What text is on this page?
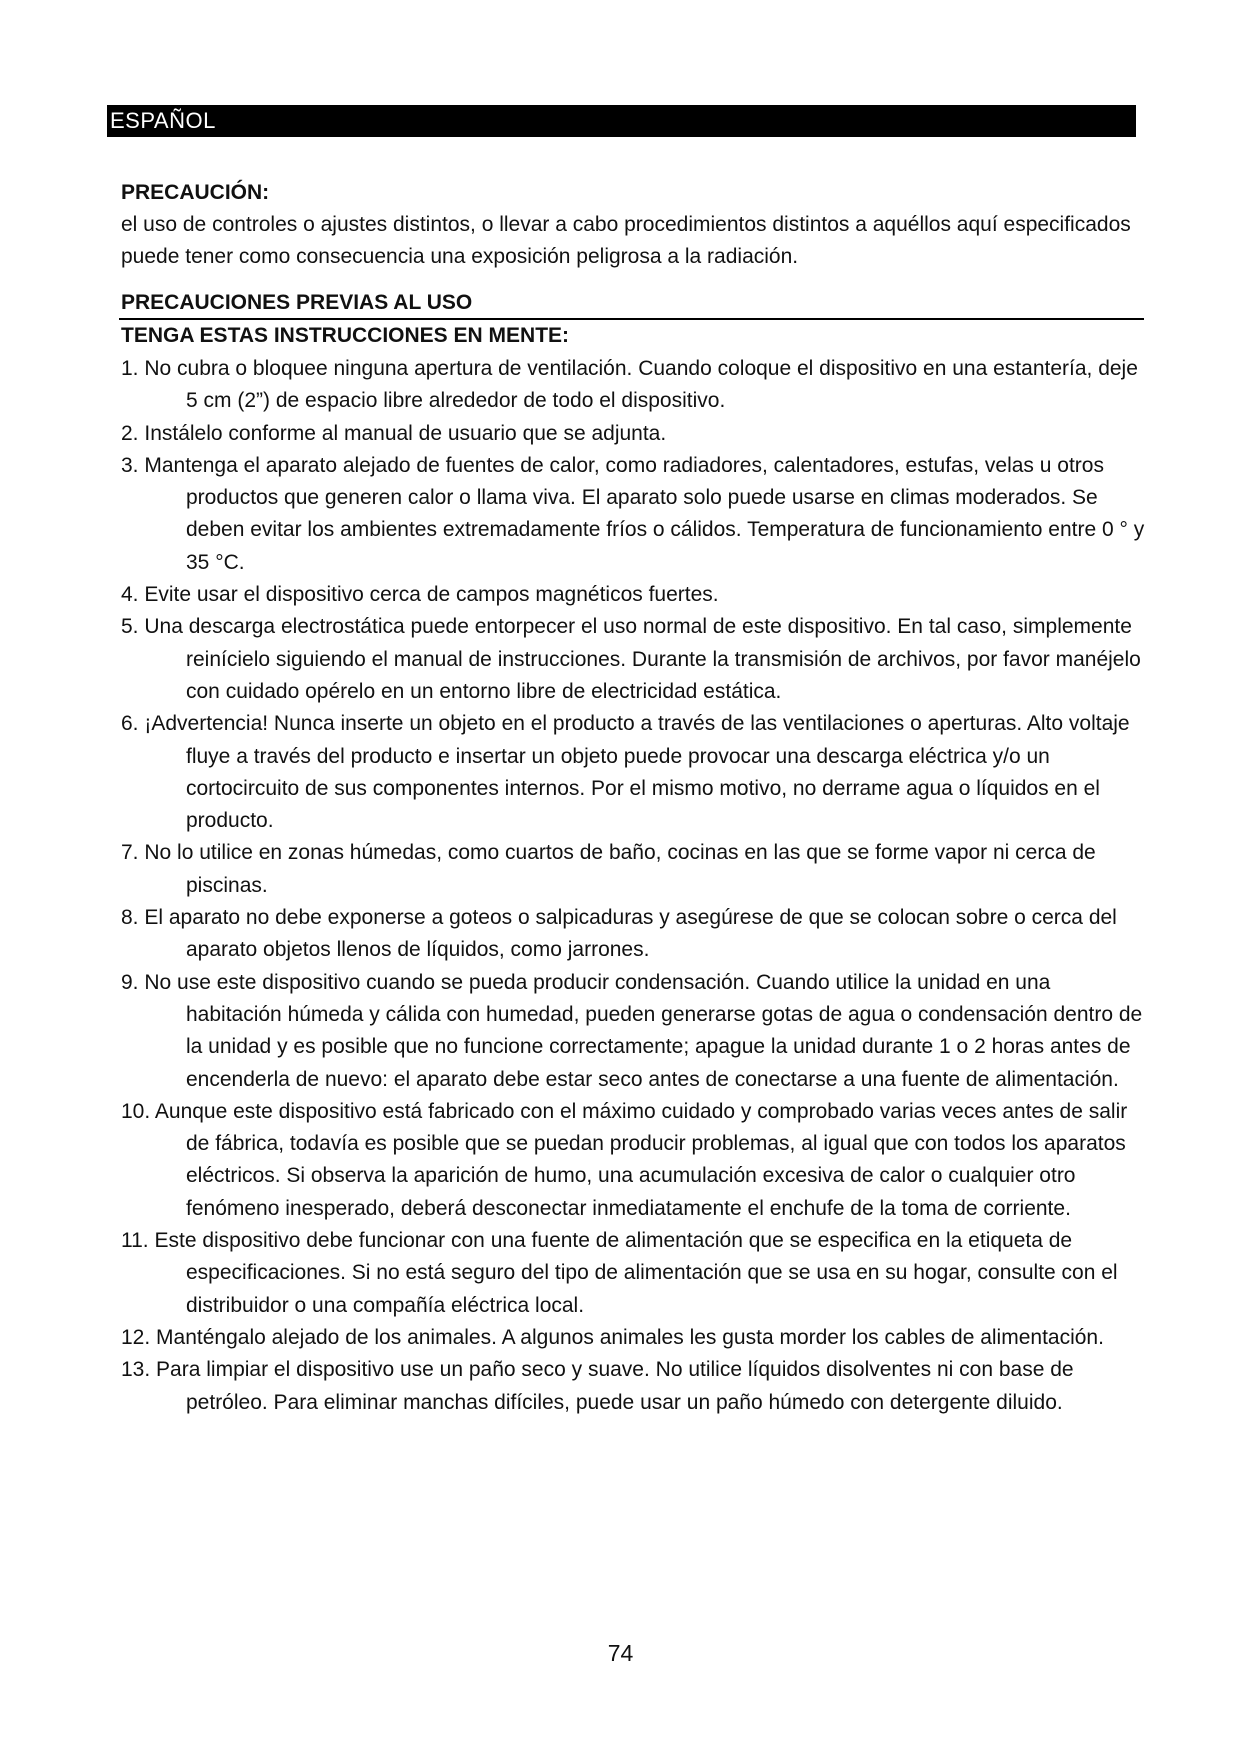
ESPAÑOL
PRECAUCIÓN:
el uso de controles o ajustes distintos, o llevar a cabo procedimientos distintos a aquéllos aquí especificados puede tener como consecuencia una exposición peligrosa a la radiación.
PRECAUCIONES PREVIAS AL USO
TENGA ESTAS INSTRUCCIONES EN MENTE:
1. No cubra o bloquee ninguna apertura de ventilación. Cuando coloque el dispositivo en una estantería, deje 5 cm (2”) de espacio libre alrededor de todo el dispositivo.
2. Instálelo conforme al manual de usuario que se adjunta.
3. Mantenga el aparato alejado de fuentes de calor, como radiadores, calentadores, estufas, velas u otros productos que generen calor o llama viva. El aparato solo puede usarse en climas moderados. Se deben evitar los ambientes extremadamente fríos o cálidos. Temperatura de funcionamiento entre 0 ° y 35 °C.
4. Evite usar el dispositivo cerca de campos magnéticos fuertes.
5. Una descarga electrostática puede entorpecer el uso normal de este dispositivo. En tal caso, simplemente reinícielo siguiendo el manual de instrucciones. Durante la transmisión de archivos, por favor manéjelo con cuidado opérelo en un entorno libre de electricidad estática.
6. ¡Advertencia! Nunca inserte un objeto en el producto a través de las ventilaciones o aperturas. Alto voltaje fluye a través del producto e insertar un objeto puede provocar una descarga eléctrica y/o un cortocircuito de sus componentes internos. Por el mismo motivo, no derrame agua o líquidos en el producto.
7. No lo utilice en zonas húmedas, como cuartos de baño, cocinas en las que se forme vapor ni cerca de piscinas.
8. El aparato no debe exponerse a goteos o salpicaduras y asegúrese de que se colocan sobre o cerca del aparato objetos llenos de líquidos, como jarrones.
9. No use este dispositivo cuando se pueda producir condensación. Cuando utilice la unidad en una habitación húmeda y cálida con humedad, pueden generarse gotas de agua o condensación dentro de la unidad y es posible que no funcione correctamente; apague la unidad durante 1 o 2 horas antes de encenderla de nuevo: el aparato debe estar seco antes de conectarse a una fuente de alimentación.
10. Aunque este dispositivo está fabricado con el máximo cuidado y comprobado varias veces antes de salir de fábrica, todavía es posible que se puedan producir problemas, al igual que con todos los aparatos eléctricos. Si observa la aparición de humo, una acumulación excesiva de calor o cualquier otro fenómeno inesperado, deberá desconectar inmediatamente el enchufe de la toma de corriente.
11. Este dispositivo debe funcionar con una fuente de alimentación que se especifica en la etiqueta de especificaciones. Si no está seguro del tipo de alimentación que se usa en su hogar, consulte con el distribuidor o una compañía eléctrica local.
12. Manténgalo alejado de los animales. A algunos animales les gusta morder los cables de alimentación.
13. Para limpiar el dispositivo use un paño seco y suave. No utilice líquidos disolventes ni con base de petróleo. Para eliminar manchas difíciles, puede usar un paño húmedo con detergente diluido.
74
